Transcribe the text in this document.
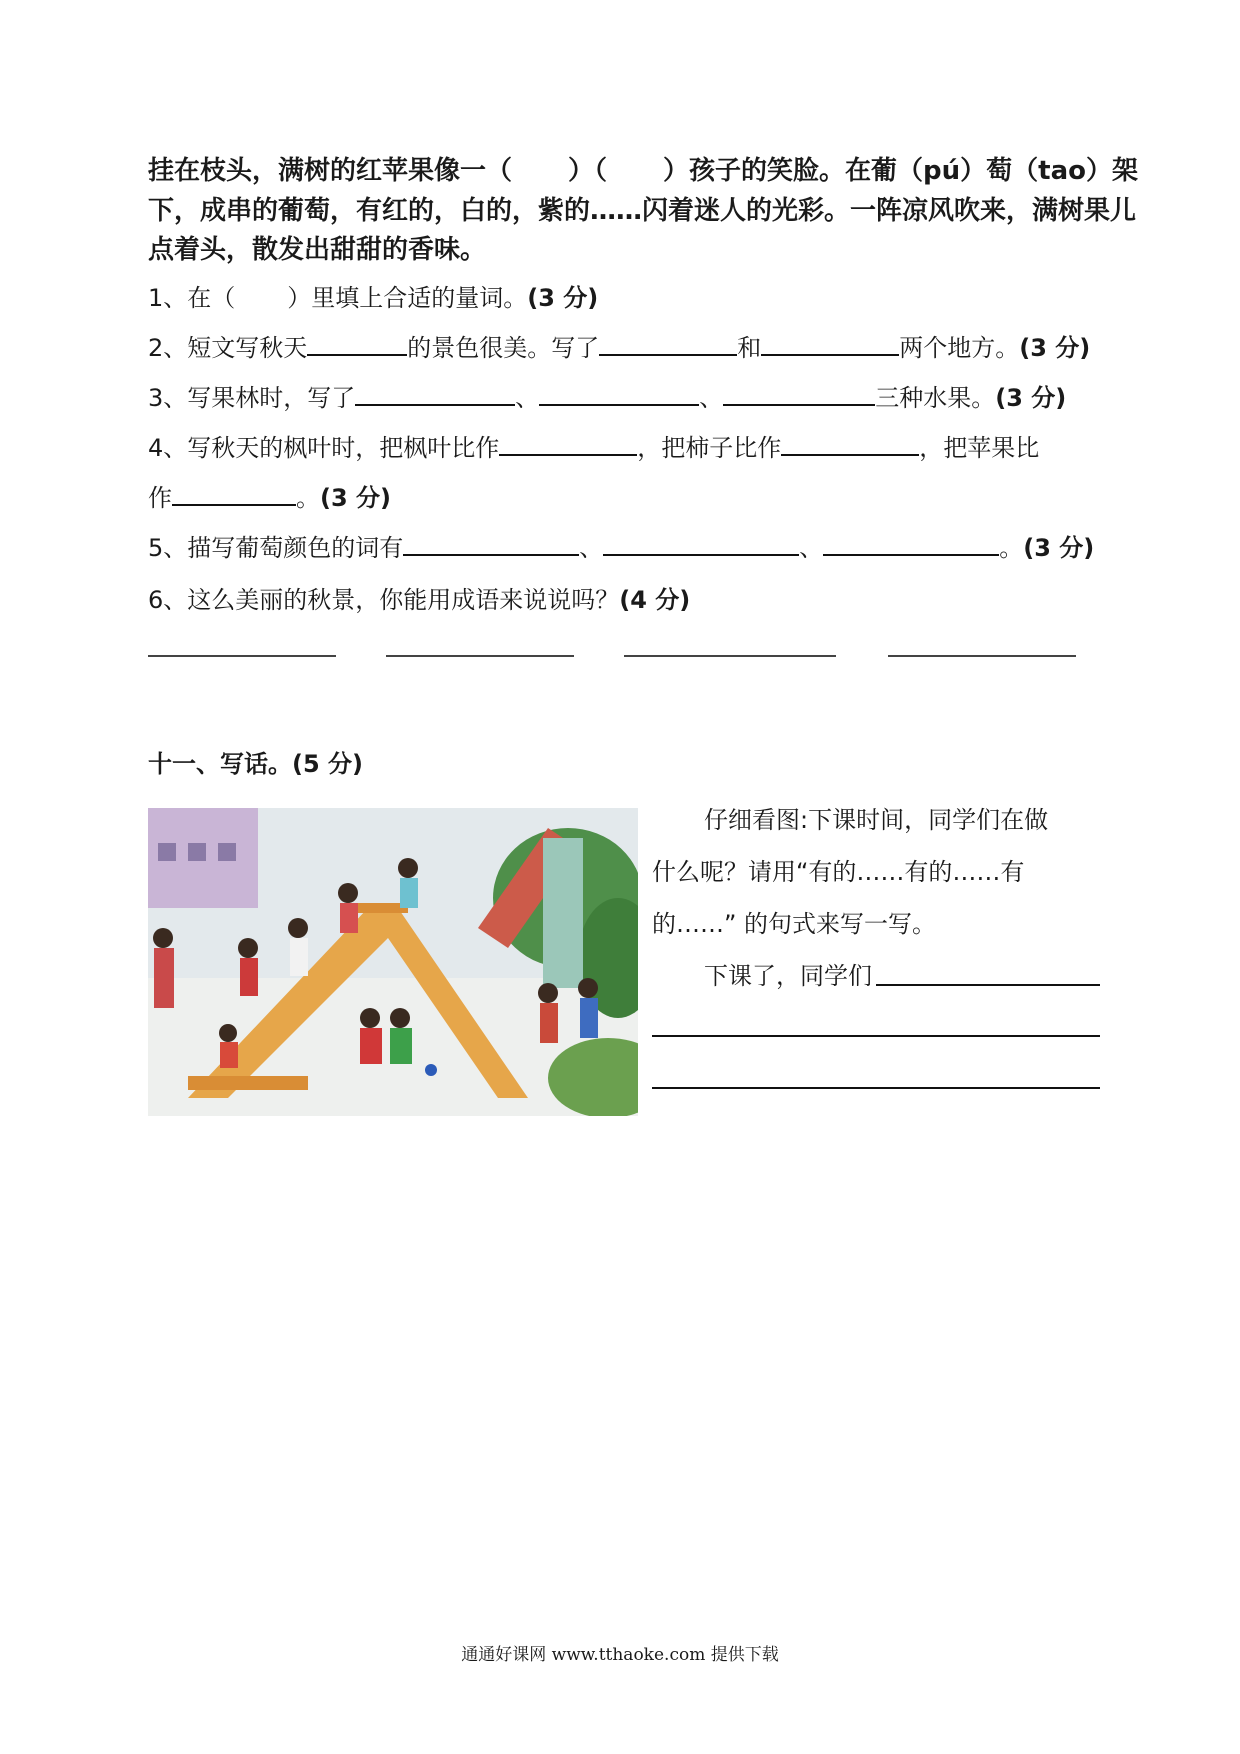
挂在枝头，满树的红苹果像一（ ）（ ）孩子的笑脸。在葡（pú）萄（tao）架
下，成串的葡萄，有红的，白的，紫的……闪着迷人的光彩。一阵凉风吹来，满树果儿
点着头，散发出甜甜的香味。
1、在（ ）里填上合适的量词。(3 分)
2、短文写秋天	的景色很美。写了	和	两个地方。(3 分)
3、写果林时，写了	、	、	三种水果。(3 分)
4、写秋天的枫叶时，把枫叶比作	，把柿子比作	，把苹果比
作	。(3 分)
5、描写葡萄颜色的词有	、	、	。(3 分)
6、这么美丽的秋景，你能用成语来说说吗？(4 分)
十一、写话。(5 分)
仔细看图:下课时间，同学们在做
什么呢？请用“有的……有的……有
的……” 的句式来写一写。
下课了，同学们
通通好课网 www.tthaoke.com 提供下载
